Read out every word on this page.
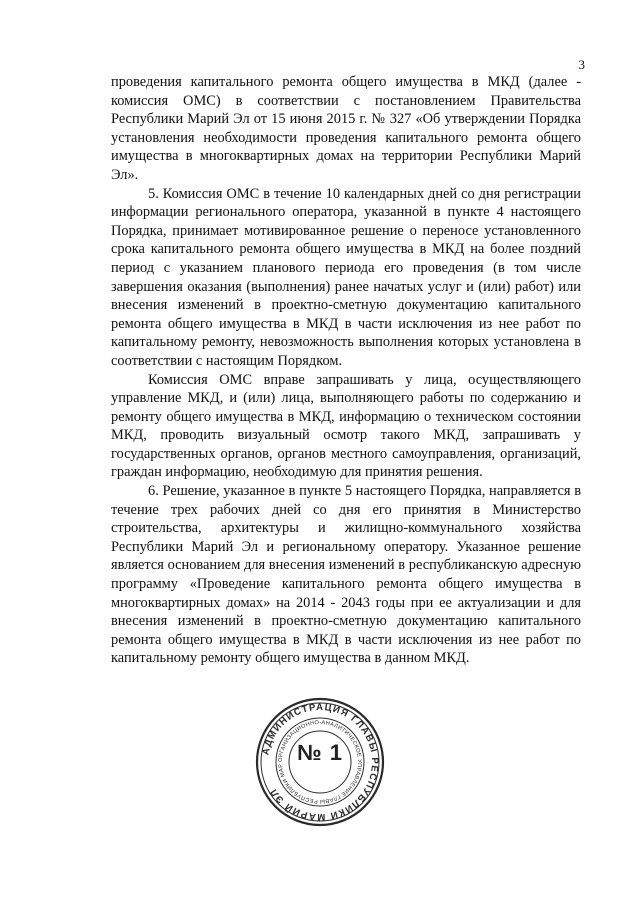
3

проведения капитального ремонта общего имущества в МКД (далее - комиссия ОМС) в соответствии с постановлением Правительства Республики Марий Эл от 15 июня 2015 г. № 327 «Об утверждении Порядка установления необходимости проведения капитального ремонта общего имущества в многоквартирных домах на территории Республики Марий Эл».

5. Комиссия ОМС в течение 10 календарных дней со дня регистрации информации регионального оператора, указанной в пункте 4 настоящего Порядка, принимает мотивированное решение о переносе установленного срока капитального ремонта общего имущества в МКД на более поздний период с указанием планового периода его проведения (в том числе завершения оказания (выполнения) ранее начатых услуг и (или) работ) или внесения изменений в проектно-сметную документацию капитального ремонта общего имущества в МКД в части исключения из нее работ по капитальному ремонту, невозможность выполнения которых установлена в соответствии с настоящим Порядком.

Комиссия ОМС вправе запрашивать у лица, осуществляющего управление МКД, и (или) лица, выполняющего работы по содержанию и ремонту общего имущества в МКД, информацию о техническом состоянии МКД, проводить визуальный осмотр такого МКД, запрашивать у государственных органов, органов местного самоуправления, организаций, граждан информацию, необходимую для принятия решения.

6. Решение, указанное в пункте 5 настоящего Порядка, направляется в течение трех рабочих дней со дня его принятия в Министерство строительства, архитектуры и жилищно-коммунального хозяйства Республики Марий Эл и региональному оператору. Указанное решение является основанием для внесения изменений в республиканскую адресную программу «Проведение капитального ремонта общего имущества в многоквартирных домах» на 2014 - 2043 годы при ее актуализации и для внесения изменений в проектно-сметную документацию капитального ремонта общего имущества в МКД в части исключения из нее работ по капитальному ремонту общего имущества в данном МКД.

АДМИНИСТРАЦИЯ ГЛАВЫ РЕСПУБЛИКИ МАРИЙ ЭЛ
ОРГАНИЗАЦИОННО-АНАЛИТИЧЕСКОЕ УПРАВЛЕНИЕ ГЛАВЫ РЕСПУБЛИКИ МАР
№ 1
